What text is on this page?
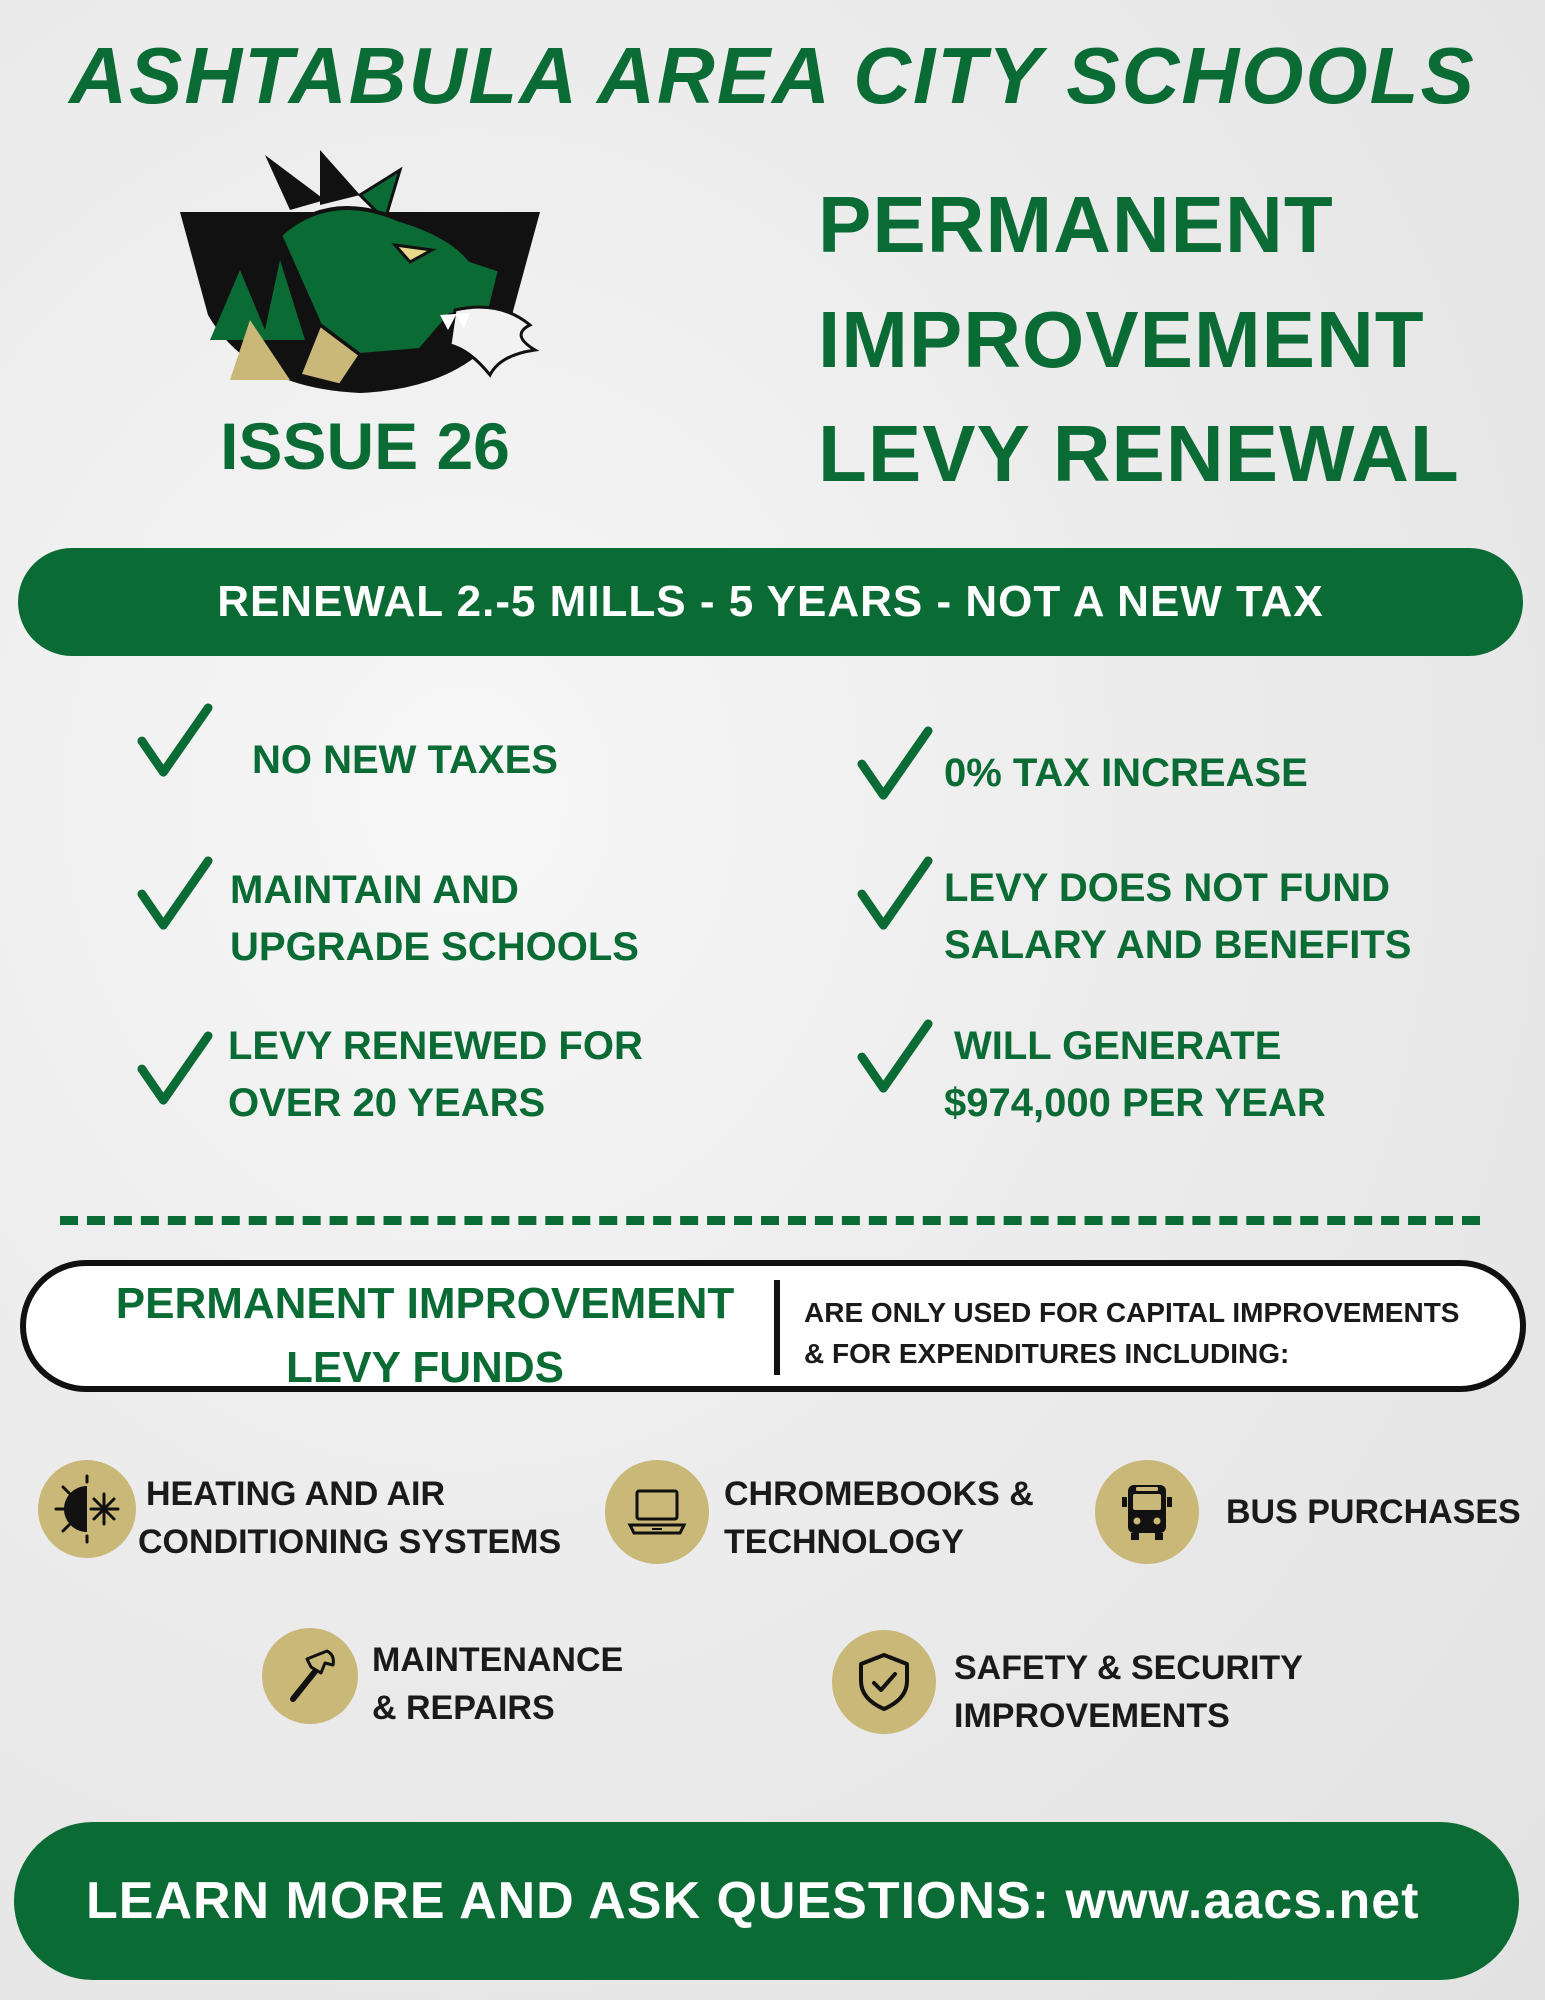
ASHTABULA AREA CITY SCHOOLS
ISSUE 26
PERMANENT
IMPROVEMENT
LEVY RENEWAL
RENEWAL 2.-5 MILLS - 5 YEARS - NOT A NEW TAX
NO NEW TAXES
MAINTAIN AND
UPGRADE SCHOOLS
LEVY RENEWED FOR
OVER 20 YEARS
0% TAX INCREASE
LEVY DOES NOT FUND
SALARY AND BENEFITS
WILL GENERATE
$974,000 PER YEAR
PERMANENT IMPROVEMENT
LEVY FUNDS
ARE ONLY USED FOR CAPITAL IMPROVEMENTS
& FOR EXPENDITURES INCLUDING:
HEATING AND AIR
CONDITIONING SYSTEMS
CHROMEBOOKS &
TECHNOLOGY
BUS PURCHASES
MAINTENANCE
& REPAIRS
SAFETY & SECURITY
IMPROVEMENTS
LEARN MORE AND ASK QUESTIONS: www.aacs.net
